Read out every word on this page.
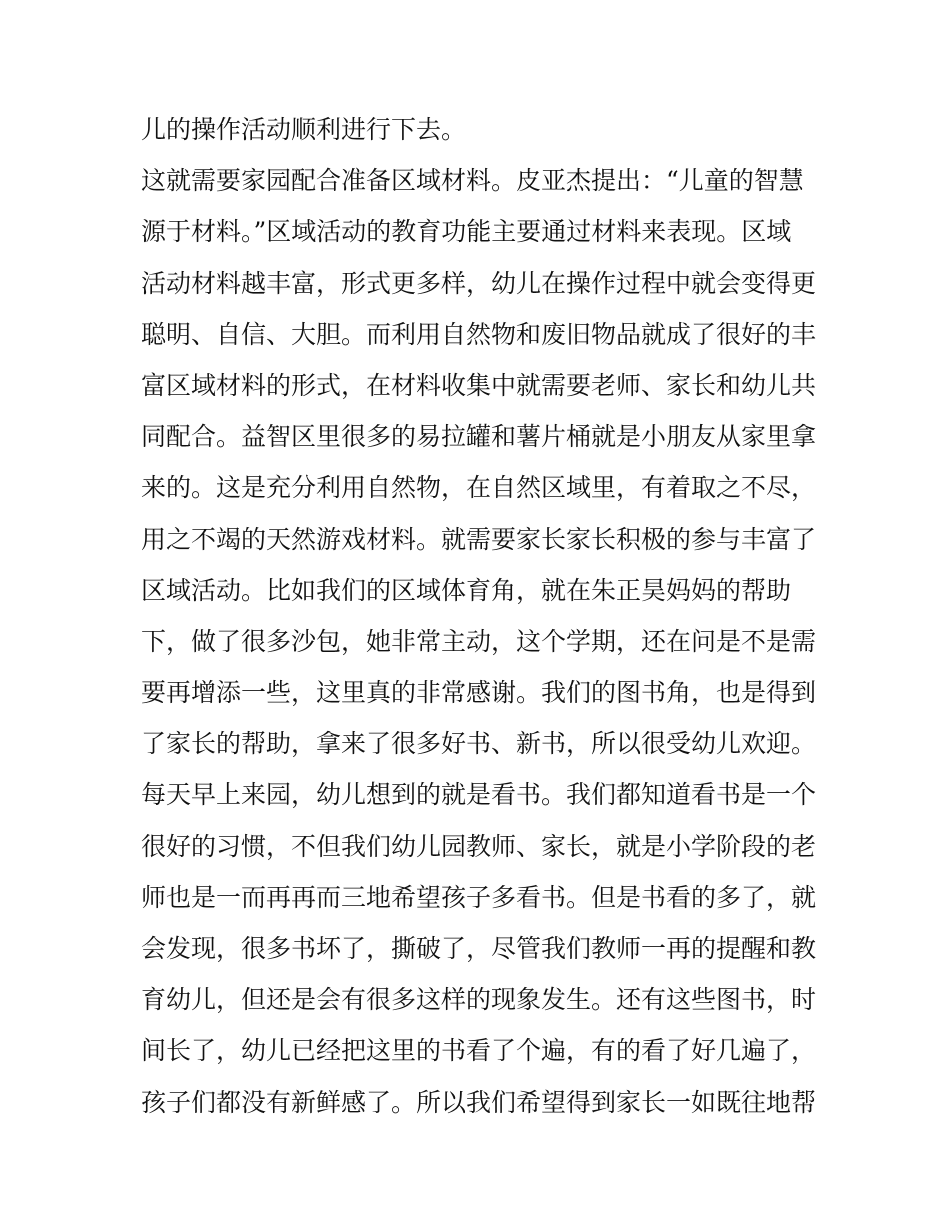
儿的操作活动顺利进行下去。
这就需要家园配合准备区域材料。皮亚杰提出：“儿童的智慧
源于材料。”区域活动的教育功能主要通过材料来表现。区域
活动材料越丰富，形式更多样，幼儿在操作过程中就会变得更
聪明、自信、大胆。而利用自然物和废旧物品就成了很好的丰
富区域材料的形式，在材料收集中就需要老师、家长和幼儿共
同配合。益智区里很多的易拉罐和薯片桶就是小朋友从家里拿
来的。这是充分利用自然物，在自然区域里，有着取之不尽，
用之不竭的天然游戏材料。就需要家长家长积极的参与丰富了
区域活动。比如我们的区域体育角，就在朱正昊妈妈的帮助
下，做了很多沙包，她非常主动，这个学期，还在问是不是需
要再增添一些，这里真的非常感谢。我们的图书角，也是得到
了家长的帮助，拿来了很多好书、新书，所以很受幼儿欢迎。
每天早上来园，幼儿想到的就是看书。我们都知道看书是一个
很好的习惯，不但我们幼儿园教师、家长，就是小学阶段的老
师也是一而再再而三地希望孩子多看书。但是书看的多了，就
会发现，很多书坏了，撕破了，尽管我们教师一再的提醒和教
育幼儿，但还是会有很多这样的现象发生。还有这些图书，时
间长了，幼儿已经把这里的书看了个遍，有的看了好几遍了，
孩子们都没有新鲜感了。所以我们希望得到家长一如既往地帮
